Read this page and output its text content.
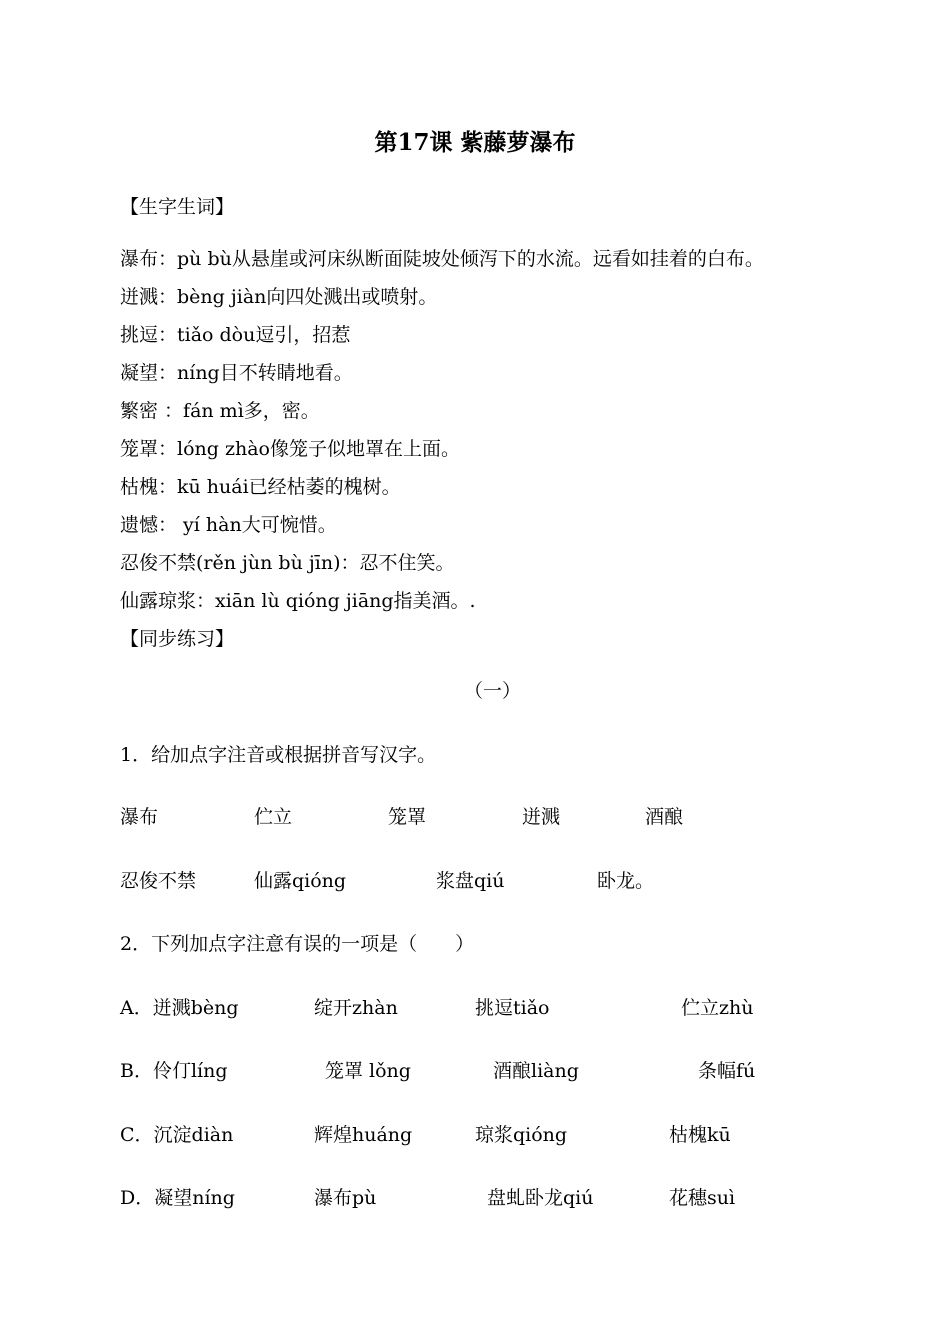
第17课 紫藤萝瀑布
【生字生词】
瀑布：pù bù从悬崖或河床纵断面陡坡处倾泻下的水流。远看如挂着的白布。
迸溅：bèng jiàn向四处溅出或喷射。
挑逗：tiǎo dòu逗引，招惹
凝望：níng目不转睛地看。
繁密 ：fán mì多，密。
笼罩：lóng zhào像笼子似地罩在上面。
枯槐：kū huái已经枯萎的槐树。
遗憾： yí hàn大可惋惜。
忍俊不禁(rěn jùn bù jīn)：忍不住笑。
仙露琼浆：xiān lù qióng jiāng指美酒。.
【同步练习】
（一）
1．给加点字注音或根据拼音写汉字。
瀑布	伫立	笼罩	迸溅	酒酿
忍俊不禁	仙露qióng	浆盘qiú	卧龙。
2．下列加点字注意有误的一项是（　　）
A．迸溅bèng	绽开zhàn	挑逗tiǎo	伫立zhù
B．伶仃líng	笼罩 lǒng	酒酿liàng	条幅fú
C．沉淀diàn	辉煌huáng	琼浆qióng	枯槐kū
D．凝望níng	瀑布pù	盘虬卧龙qiú	花穗suì
